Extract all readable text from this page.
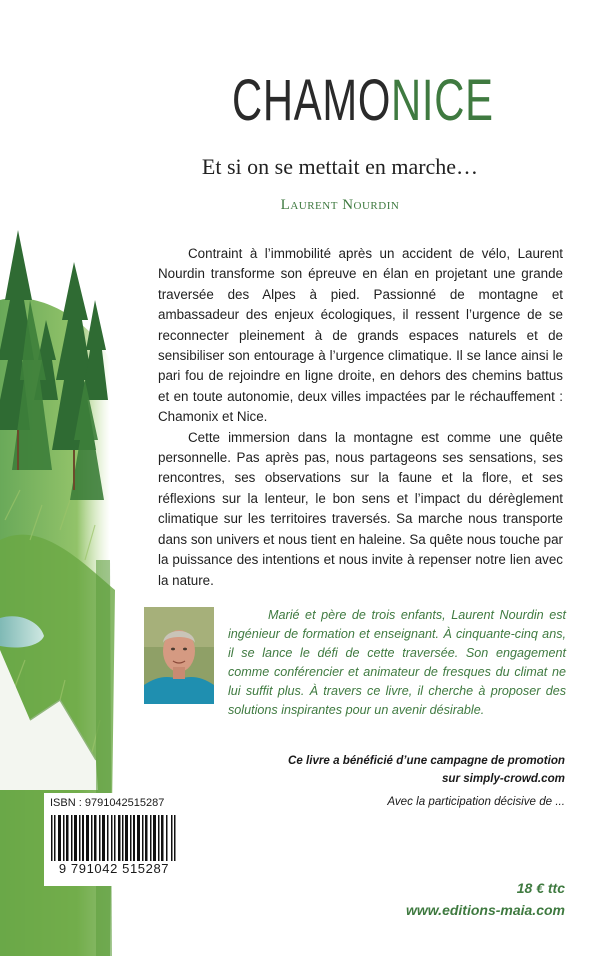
CHAMONICE
Et si on se mettait en marche…
Laurent Nourdin

Contraint à l’immobilité après un accident de vélo, Laurent Nourdin transforme son épreuve en élan en projetant une grande traversée des Alpes à pied. Passionné de montagne et ambassadeur des enjeux écologiques, il ressent l’urgence de se reconnecter pleinement à de grands espaces naturels et de sensibiliser son entourage à l’urgence climatique. Il se lance ainsi le pari fou de rejoindre en ligne droite, en dehors des chemins battus et en toute autonomie, deux villes impactées par le réchauffement : Chamonix et Nice.

Cette immersion dans la montagne est comme une quête personnelle. Pas après pas, nous partageons ses sensations, ses rencontres, ses observations sur la faune et la flore, et ses réflexions sur la lenteur, le bon sens et l’impact du dérèglement climatique sur les territoires traversés. Sa marche nous transporte dans son univers et nous tient en haleine. Sa quête nous touche par la puissance des intentions et nous invite à repenser notre lien avec la nature.

Marié et père de trois enfants, Laurent Nourdin est ingénieur de formation et enseignant. À cinquante-cinq ans, il se lance le défi de cette traversée. Son engagement comme conférencier et animateur de fresques du climat ne lui suffit plus. À travers ce livre, il cherche à proposer des solutions inspirantes pour un avenir désirable.
Ce livre a bénéficié d’une campagne de promotion
sur simply-crowd.com
Avec la participation décisive de ...
ISBN : 9791042515287
9 791042 515287
18 € ttc
www.editions-maia.com
